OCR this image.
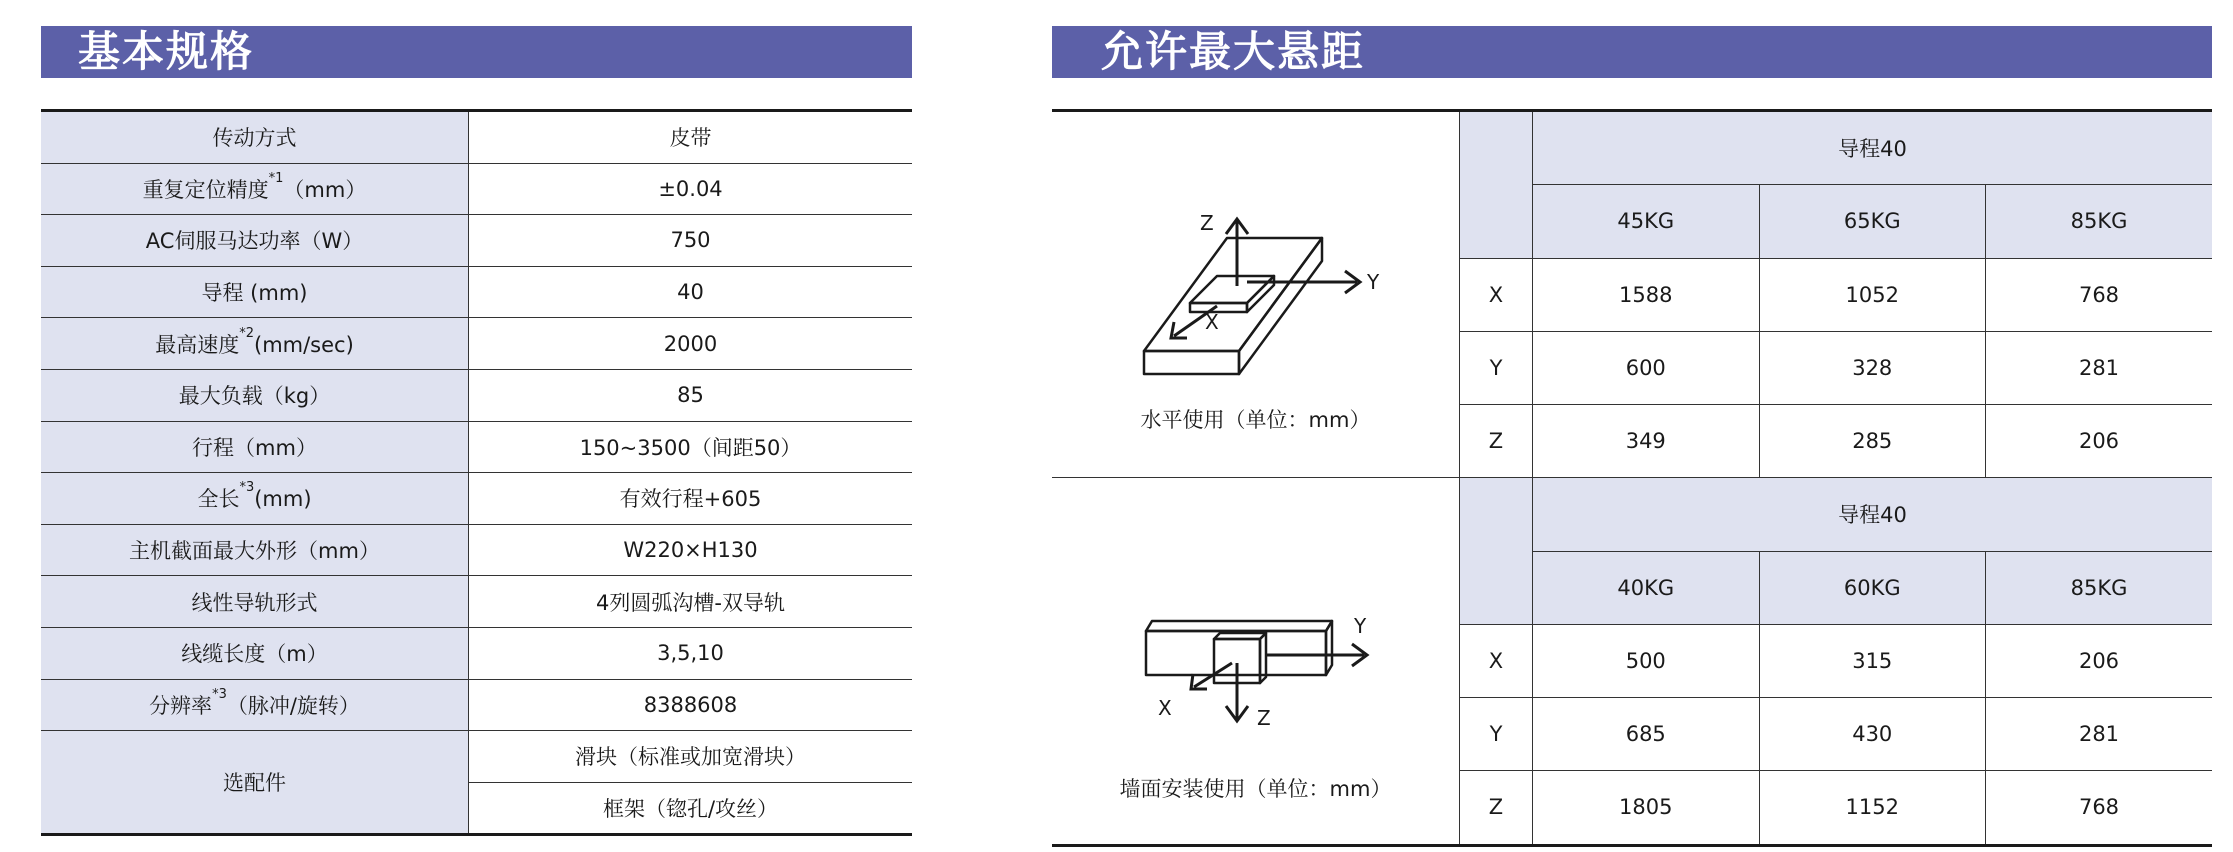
基本规格	允许最大悬距
传动方式	皮带
重复定位精度$^{*1}$（mm）	±0.04
AC伺服马达功率（W）	750
导程 (mm)	40
最高速度$^{*2}$(mm/sec)	2000
最大负载（kg）	85
行程（mm）	150~3500（间距50）
全长$^{*3}$(mm)	有效行程+605
主机截面最大外形（mm）	W220×H130
线性导轨形式	4列圆弧沟槽-双导轨
线缆长度（m）	3,5,10
分辨率$^{*3}$（脉冲/旋转）	8388608
选配件	滑块（标准或加宽滑块）
	框架（锪孔/攻丝）
Z
Y
X
水平使用（单位：mm）		导程40		
		45KG	65KG	85KG
	X	1588	1052	768
	Y	600	328	281
	Z	349	285	206

Y
Z
X
墙面安装使用（单位：mm）		导程40		
		40KG	60KG	85KG
	X	500	315	206
	Y	685	430	281
	Z	1805	1152	768
